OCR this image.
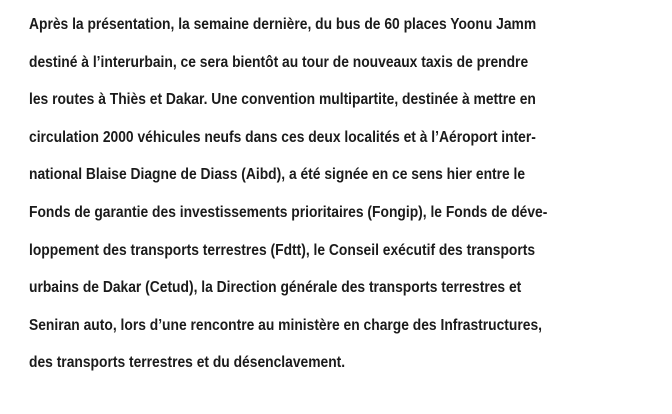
Après la présentation, la semaine dernière, du bus de 60 places Yoonu Jamm
destiné à l’interurbain, ce sera bientôt au tour de nouveaux taxis de prendre
les routes à Thiès et Dakar. Une convention multipartite, destinée à mettre en
circulation 2000 véhicules neufs dans ces deux localités et à l’Aéroport inter-
national Blaise Diagne de Diass (Aibd), a été signée en ce sens hier entre le
Fonds de garantie des investissements prioritaires (Fongip), le Fonds de déve-
loppement des transports terrestres (Fdtt), le Conseil exécutif des transports
urbains de Dakar (Cetud), la Direction générale des transports terrestres et
Seniran auto, lors d’une rencontre au ministère en charge des Infrastructures,
des transports terrestres et du désenclavement.
